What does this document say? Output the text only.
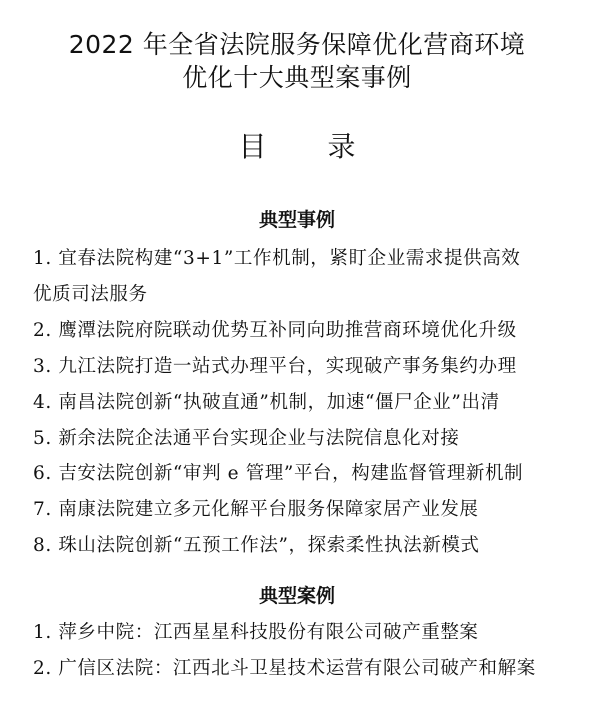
2022 年全省法院服务保障优化营商环境
优化十大典型案事例
目 录
典型事例
1. 宜春法院构建“3+1”工作机制，紧盯企业需求提供高效
优质司法服务
2. 鹰潭法院府院联动优势互补同向助推营商环境优化升级
3. 九江法院打造一站式办理平台，实现破产事务集约办理
4. 南昌法院创新“执破直通”机制，加速“僵尸企业”出清
5. 新余法院企法通平台实现企业与法院信息化对接
6. 吉安法院创新“审判 e 管理”平台，构建监督管理新机制
7. 南康法院建立多元化解平台服务保障家居产业发展
8. 珠山法院创新“五预工作法”，探索柔性执法新模式
典型案例
1. 萍乡中院：江西星星科技股份有限公司破产重整案
2. 广信区法院：江西北斗卫星技术运营有限公司破产和解案
